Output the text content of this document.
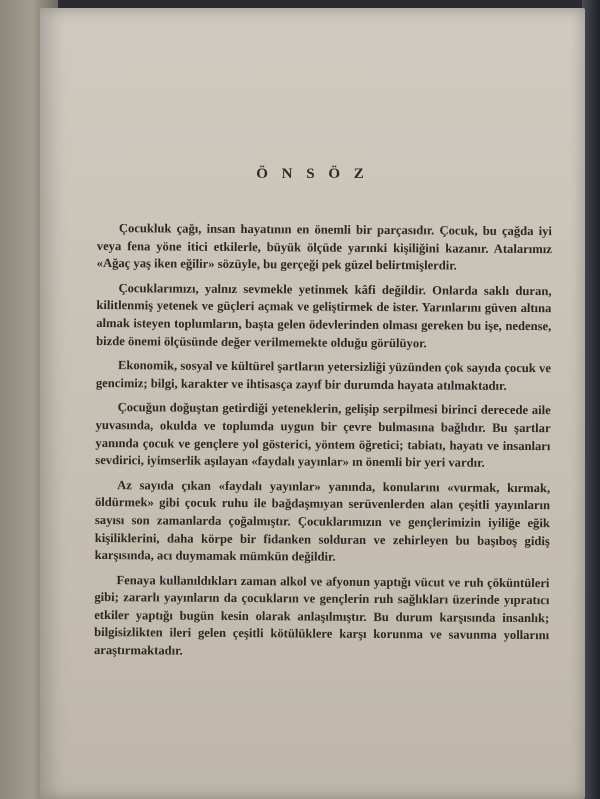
Ö N S Ö Z

Çocukluk çağı, insan hayatının en önemli bir parçasıdır. Çocuk, bu çağda iyi veya fena yöne itici etkilerle, büyük ölçüde yarınki kişiliğini kazanır. Atalarımız «Ağaç yaş iken eğilir» sözüyle, bu gerçeği pek güzel belirtmişlerdir.

Çocuklarımızı, yalnız sevmekle yetinmek kâfi değildir. Onlarda saklı duran, kilitlenmiş yetenek ve güçleri açmak ve geliştirmek de ister. Yarınlarını güven altına almak isteyen toplumların, başta gelen ödevlerinden olması gereken bu işe, nedense, bizde önemi ölçüsünde değer verilmemekte olduğu görülüyor.

Ekonomik, sosyal ve kültürel şartların yetersizliği yüzünden çok sayıda çocuk ve gencimiz; bilgi, karakter ve ihtisasça zayıf bir durumda hayata atılmaktadır.

Çocuğun doğuştan getirdiği yeteneklerin, gelişip serpilmesi birinci derecede aile yuvasında, okulda ve toplumda uygun bir çevre bulmasına bağlıdır. Bu şartlar yanında çocuk ve gençlere yol gösterici, yöntem öğretici; tabiatı, hayatı ve insanları sevdirici, iyimserlik aşılayan «faydalı yayınlar» ın önemli bir yeri vardır.

Az sayıda çıkan «faydalı yayınlar» yanında, konularını «vurmak, kırmak, öldürmek» gibi çocuk ruhu ile bağdaşmıyan serüvenlerden alan çeşitli yayınların sayısı son zamanlarda çoğalmıştır. Çocuklarımızın ve gençlerimizin iyiliğe eğik kişiliklerini, daha körpe bir fidanken solduran ve zehirleyen bu başıboş gidiş karşısında, acı duymamak mümkün değildir.

Fenaya kullanıldıkları zaman alkol ve afyonun yaptığı vücut ve ruh çöküntüleri gibi; zararlı yayınların da çocukların ve gençlerin ruh sağlıkları üzerinde yıpratıcı etkiler yaptığı bugün kesin olarak anlaşılmıştır. Bu durum karşısında insanlık; bilgisizlikten ileri gelen çeşitli kötülüklere karşı korunma ve savunma yollarını araştırmaktadır.
